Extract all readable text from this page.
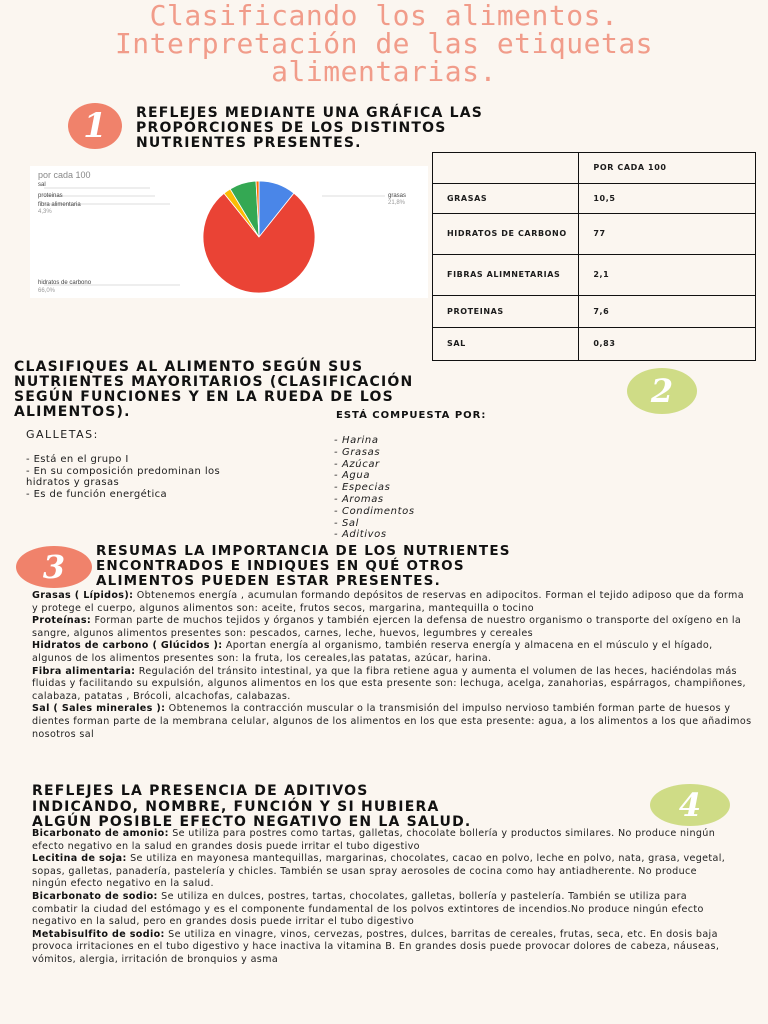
Clasificando los alimentos.
Interpretación de las etiquetas
alimentarias.
1	REFLEJES MEDIANTE UNA GRÁFICA LAS
PROPORCIONES DE LOS DISTINTOS
NUTRIENTES PRESENTES.
por cada 100
sal
proteinas
fibra alimentaria
4,3%
grasas
21,8%
hidratos de carbono
66,0%
	POR CADA 100
GRASAS	10,5
HIDRATOS DE CARBONO	77
FIBRAS ALIMNETARIAS	2,1
PROTEINAS	7,6
SAL	0,83
CLASIFIQUES AL ALIMENTO SEGÚN SUS
NUTRIENTES MAYORITARIOS (CLASIFICACIÓN
SEGÚN FUNCIONES Y EN LA RUEDA DE LOS
ALIMENTOS).
2
GALLETAS:
- Está en el grupo I
- En su composición predominan los
hidratos y grasas
- Es de función energética
ESTÁ COMPUESTA POR:
- Harina
- Grasas
- Azúcar
- Agua
- Especias
- Aromas
- Condimentos
- Sal
- Aditivos
3	RESUMAS LA IMPORTANCIA DE LOS NUTRIENTES
ENCONTRADOS E INDIQUES EN QUÉ OTROS
ALIMENTOS PUEDEN ESTAR PRESENTES.

Grasas ( Lípidos): Obtenemos energía , acumulan formando depósitos de reservas en adipocitos. Forman el tejido adiposo que da forma y protege el cuerpo, algunos alimentos son: aceite, frutos secos, margarina, mantequilla o tocino

Proteínas: Forman parte de muchos tejidos y órganos y también ejercen la defensa de nuestro organismo o transporte del oxígeno en la sangre, algunos alimentos presentes son: pescados, carnes, leche, huevos, legumbres y cereales

Hidratos de carbono ( Glúcidos ): Aportan energía al organismo, también reserva energía y almacena en el músculo y el hígado, algunos de los alimentos presentes son: la fruta, los cereales,las patatas, azúcar, harina.

Fibra alimentaria: Regulación del tránsito intestinal, ya que la fibra retiene agua y aumenta el volumen de las heces, haciéndolas más fluidas y facilitando su expulsión, algunos alimentos en los que esta presente son: lechuga, acelga, zanahorias, espárragos, champiñones, calabaza, patatas , Brócoli, alcachofas, calabazas.

Sal ( Sales minerales ): Obtenemos la contracción muscular o la transmisión del impulso nervioso también forman parte de huesos y dientes forman parte de la membrana celular, algunos de los alimentos en los que esta presente: agua, a los alimentos a los que añadimos nosotros sal

REFLEJES LA PRESENCIA DE ADITIVOS
INDICANDO, NOMBRE, FUNCIÓN Y SI HUBIERA
ALGÚN POSIBLE EFECTO NEGATIVO EN LA SALUD.	4

Bicarbonato de amonio: Se utiliza para postres como tartas, galletas, chocolate bollería y productos similares. No produce ningún efecto negativo en la salud en grandes dosis puede irritar el tubo digestivo

Lecitina de soja: Se utiliza en mayonesa mantequillas, margarinas, chocolates, cacao en polvo, leche en polvo, nata, grasa, vegetal, sopas, galletas, panadería, pastelería y chicles. También se usan spray aerosoles de cocina como hay antiadherente. No produce ningún efecto negativo en la salud.

Bicarbonato de sodio: Se utiliza en dulces, postres, tartas, chocolates, galletas, bollería y pastelería. También se utiliza para combatir la ciudad del estómago y es el componente fundamental de los polvos extintores de incendios.No produce ningún efecto negativo en la salud, pero en grandes dosis puede irritar el tubo digestivo

Metabisulfito de sodio: Se utiliza en vinagre, vinos, cervezas, postres, dulces, barritas de cereales, frutas, seca, etc. En dosis baja provoca irritaciones en el tubo digestivo y hace inactiva la vitamina B. En grandes dosis puede provocar dolores de cabeza, náuseas, vómitos, alergia, irritación de bronquios y asma
